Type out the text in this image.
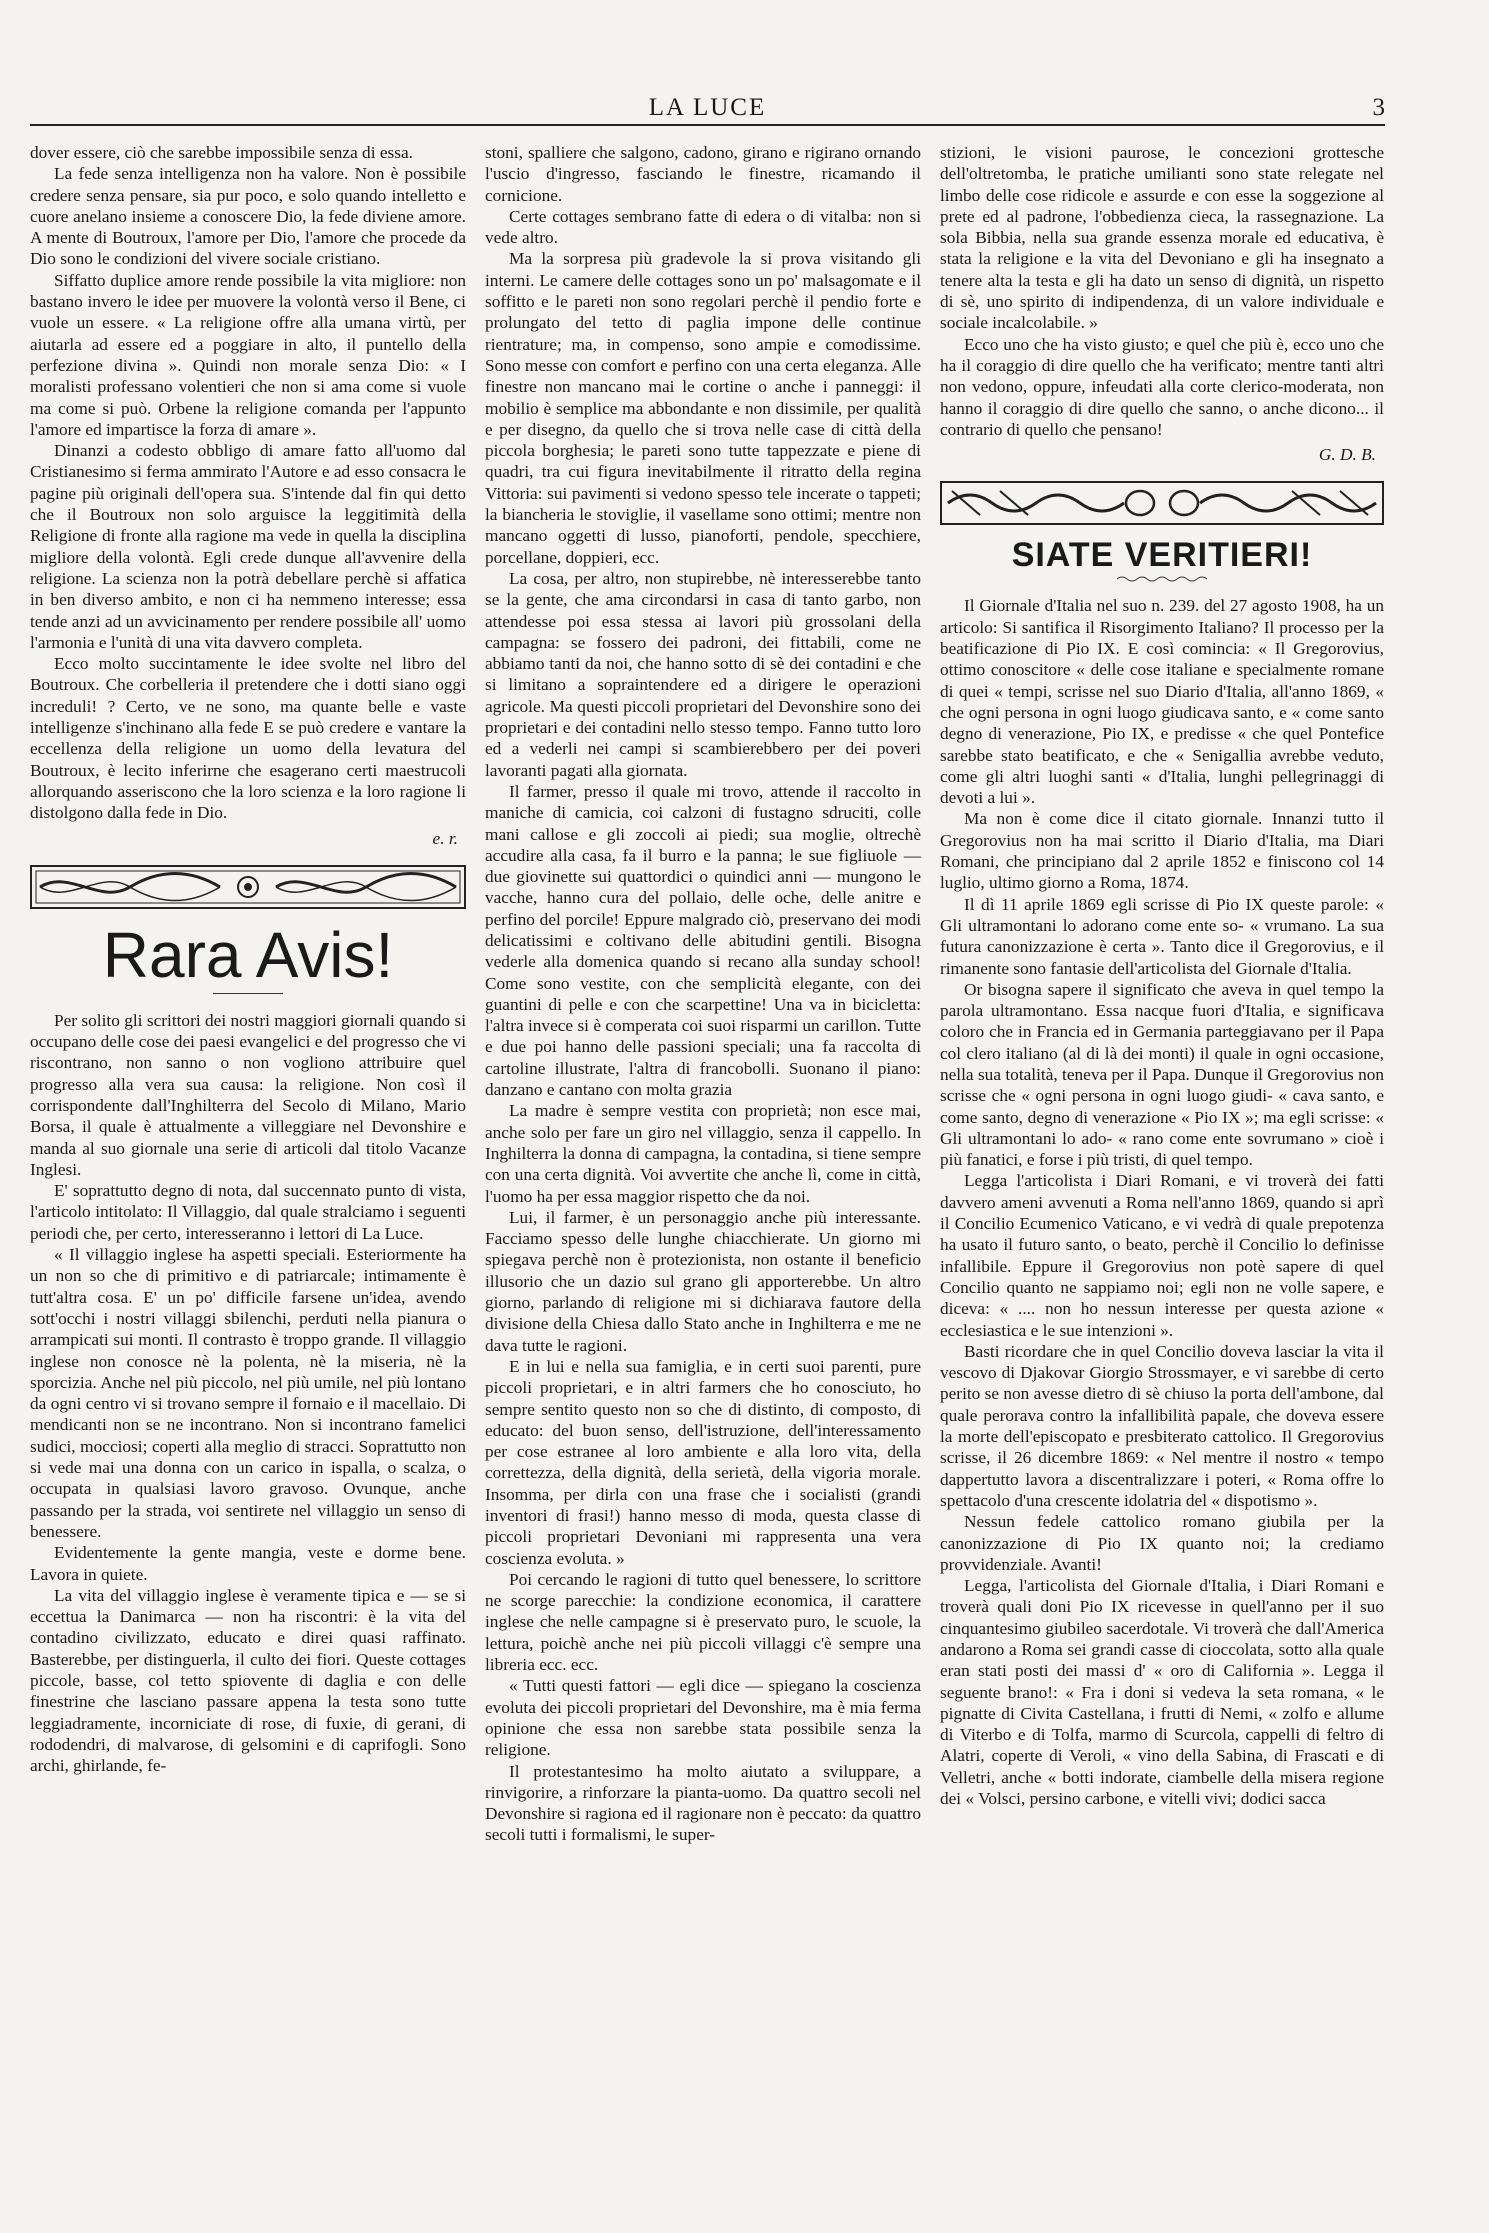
LA LUCE	3

dover essere, ciò che sarebbe impossibile senza di essa.

La fede senza intelligenza non ha valore. Non è possibile credere senza pensare, sia pur poco, e solo quando intelletto e cuore anelano insieme a conoscere Dio, la fede diviene amore. A mente di Boutroux, l'amore per Dio, l'amore che procede da Dio sono le condizioni del vivere sociale cristiano.

Siffatto duplice amore rende possibile la vita migliore: non bastano invero le idee per muovere la volontà verso il Bene, ci vuole un essere. « La religione offre alla umana virtù, per aiutarla ad essere ed a poggiare in alto, il puntello della perfezione divina ». Quindi non morale senza Dio: « I moralisti professano volentieri che non si ama come si vuole ma come si può. Orbene la religione comanda per l'appunto l'amore ed impartisce la forza di amare ».

Dinanzi a codesto obbligo di amare fatto all'uomo dal Cristianesimo si ferma ammirato l'Autore e ad esso consacra le pagine più originali dell'opera sua. S'intende dal fin qui detto che il Boutroux non solo arguisce la leggitimità della Religione di fronte alla ragione ma vede in quella la disciplina migliore della volontà. Egli crede dunque all'avvenire della religione. La scienza non la potrà debellare perchè si affatica in ben diverso ambito, e non ci ha nemmeno interesse; essa tende anzi ad un avvicinamento per rendere possibile all' uomo l'armonia e l'unità di una vita davvero completa.

Ecco molto succintamente le idee svolte nel libro del Boutroux. Che corbelleria il pretendere che i dotti siano oggi increduli! ? Certo, ve ne sono, ma quante belle e vaste intelligenze s'inchinano alla fede E se può credere e vantare la eccellenza della religione un uomo della levatura del Boutroux, è lecito inferirne che esagerano certi maestrucoli allorquando asseriscono che la loro scienza e la loro ragione li distolgono dalla fede in Dio.

e. r.
Rara Avis!

Per solito gli scrittori dei nostri maggiori giornali quando si occupano delle cose dei paesi evangelici e del progresso che vi riscontrano, non sanno o non vogliono attribuire quel progresso alla vera sua causa: la religione. Non così il corrispondente dall'Inghilterra del Secolo di Milano, Mario Borsa, il quale è attualmente a villeggiare nel Devonshire e manda al suo giornale una serie di articoli dal titolo Vacanze Inglesi.

E' soprattutto degno di nota, dal succennato punto di vista, l'articolo intitolato: Il Villaggio, dal quale stralciamo i seguenti periodi che, per certo, interesseranno i lettori di La Luce.

« Il villaggio inglese ha aspetti speciali. Esteriormente ha un non so che di primitivo e di patriarcale; intimamente è tutt'altra cosa. E' un po' difficile farsene un'idea, avendo sott'occhi i nostri villaggi sbilenchi, perduti nella pianura o arrampicati sui monti. Il contrasto è troppo grande. Il villaggio inglese non conosce nè la polenta, nè la miseria, nè la sporcizia. Anche nel più piccolo, nel più umile, nel più lontano da ogni centro vi si trovano sempre il fornaio e il macellaio. Di mendicanti non se ne incontrano. Non si incontrano famelici sudici, mocciosi; coperti alla meglio di stracci. Soprattutto non si vede mai una donna con un carico in ispalla, o scalza, o occupata in qualsiasi lavoro gravoso. Ovunque, anche passando per la strada, voi sentirete nel villaggio un senso di benessere.

Evidentemente la gente mangia, veste e dorme bene. Lavora in quiete.

La vita del villaggio inglese è veramente tipica e — se si eccettua la Danimarca — non ha riscontri: è la vita del contadino civilizzato, educato e direi quasi raffinato. Basterebbe, per distinguerla, il culto dei fiori. Queste cottages piccole, basse, col tetto spiovente di daglia e con delle finestrine che lasciano passare appena la testa sono tutte leggiadramente, incorniciate di rose, di fuxie, di gerani, di rododendri, di malvarose, di gelsomini e di caprifogli. Sono archi, ghirlande, fe-

stoni, spalliere che salgono, cadono, girano e rigirano ornando l'uscio d'ingresso, fasciando le finestre, ricamando il cornicione.

Certe cottages sembrano fatte di edera o di vitalba: non si vede altro.

Ma la sorpresa più gradevole la si prova visitando gli interni. Le camere delle cottages sono un po' malsagomate e il soffitto e le pareti non sono regolari perchè il pendio forte e prolungato del tetto di paglia impone delle continue rientrature; ma, in compenso, sono ampie e comodissime. Sono messe con comfort e perfino con una certa eleganza. Alle finestre non mancano mai le cortine o anche i panneggi: il mobilio è semplice ma abbondante e non dissimile, per qualità e per disegno, da quello che si trova nelle case di città della piccola borghesia; le pareti sono tutte tappezzate e piene di quadri, tra cui figura inevitabilmente il ritratto della regina Vittoria: sui pavimenti si vedono spesso tele incerate o tappeti; la biancheria le stoviglie, il vasellame sono ottimi; mentre non mancano oggetti di lusso, pianoforti, pendole, specchiere, porcellane, doppieri, ecc.

La cosa, per altro, non stupirebbe, nè interesserebbe tanto se la gente, che ama circondarsi in casa di tanto garbo, non attendesse poi essa stessa ai lavori più grossolani della campagna: se fossero dei padroni, dei fittabili, come ne abbiamo tanti da noi, che hanno sotto di sè dei contadini e che si limitano a sopraintendere ed a dirigere le operazioni agricole. Ma questi piccoli proprietari del Devonshire sono dei proprietari e dei contadini nello stesso tempo. Fanno tutto loro ed a vederli nei campi si scambierebbero per dei poveri lavoranti pagati alla giornata.

Il farmer, presso il quale mi trovo, attende il raccolto in maniche di camicia, coi calzoni di fustagno sdruciti, colle mani callose e gli zoccoli ai piedi; sua moglie, oltrechè accudire alla casa, fa il burro e la panna; le sue figliuole — due giovinette sui quattordici o quindici anni — mungono le vacche, hanno cura del pollaio, delle oche, delle anitre e perfino del porcile! Eppure malgrado ciò, preservano dei modi delicatissimi e coltivano delle abitudini gentili. Bisogna vederle alla domenica quando si recano alla sunday school! Come sono vestite, con che semplicità elegante, con dei guantini di pelle e con che scarpettine! Una va in bicicletta: l'altra invece si è comperata coi suoi risparmi un carillon. Tutte e due poi hanno delle passioni speciali; una fa raccolta di cartoline illustrate, l'altra di francobolli. Suonano il piano: danzano e cantano con molta grazia

La madre è sempre vestita con proprietà; non esce mai, anche solo per fare un giro nel villaggio, senza il cappello. In Inghilterra la donna di campagna, la contadina, si tiene sempre con una certa dignità. Voi avvertite che anche lì, come in città, l'uomo ha per essa maggior rispetto che da noi.

Lui, il farmer, è un personaggio anche più interessante. Facciamo spesso delle lunghe chiacchierate. Un giorno mi spiegava perchè non è protezionista, non ostante il beneficio illusorio che un dazio sul grano gli apporterebbe. Un altro giorno, parlando di religione mi si dichiarava fautore della divisione della Chiesa dallo Stato anche in Inghilterra e me ne dava tutte le ragioni.

E in lui e nella sua famiglia, e in certi suoi parenti, pure piccoli proprietari, e in altri farmers che ho conosciuto, ho sempre sentito questo non so che di distinto, di composto, di educato: del buon senso, dell'istruzione, dell'interessamento per cose estranee al loro ambiente e alla loro vita, della correttezza, della dignità, della serietà, della vigoria morale. Insomma, per dirla con una frase che i socialisti (grandi inventori di frasi!) hanno messo di moda, questa classe di piccoli proprietari Devoniani mi rappresenta una vera coscienza evoluta. »

Poi cercando le ragioni di tutto quel benessere, lo scrittore ne scorge parecchie: la condizione economica, il carattere inglese che nelle campagne si è preservato puro, le scuole, la lettura, poichè anche nei più piccoli villaggi c'è sempre una libreria ecc. ecc.

« Tutti questi fattori — egli dice — spiegano la coscienza evoluta dei piccoli proprietari del Devonshire, ma è mia ferma opinione che essa non sarebbe stata possibile senza la religione.

Il protestantesimo ha molto aiutato a sviluppare, a rinvigorire, a rinforzare la pianta-uomo. Da quattro secoli nel Devonshire si ragiona ed il ragionare non è peccato: da quattro secoli tutti i formalismi, le super-

stizioni, le visioni paurose, le concezioni grottesche dell'oltretomba, le pratiche umilianti sono state relegate nel limbo delle cose ridicole e assurde e con esse la soggezione al prete ed al padrone, l'obbedienza cieca, la rassegnazione. La sola Bibbia, nella sua grande essenza morale ed educativa, è stata la religione e la vita del Devoniano e gli ha insegnato a tenere alta la testa e gli ha dato un senso di dignità, un rispetto di sè, uno spirito di indipendenza, di un valore individuale e sociale incalcolabile. »

Ecco uno che ha visto giusto; e quel che più è, ecco uno che ha il coraggio di dire quello che ha verificato; mentre tanti altri non vedono, oppure, infeudati alla corte clerico-moderata, non hanno il coraggio di dire quello che sanno, o anche dicono... il contrario di quello che pensano!

G. D. B.
SIATE VERITIERI!

Il Giornale d'Italia nel suo n. 239. del 27 agosto 1908, ha un articolo: Si santifica il Risorgimento Italiano? Il processo per la beatificazione di Pio IX. E così comincia: « Il Gregorovius, ottimo conoscitore « delle cose italiane e specialmente romane di quei « tempi, scrisse nel suo Diario d'Italia, all'anno 1869, « che ogni persona in ogni luogo giudicava santo, e « come santo degno di venerazione, Pio IX, e predisse « che quel Pontefice sarebbe stato beatificato, e che « Senigallia avrebbe veduto, come gli altri luoghi santi « d'Italia, lunghi pellegrinaggi di devoti a lui ».

Ma non è come dice il citato giornale. Innanzi tutto il Gregorovius non ha mai scritto il Diario d'Italia, ma Diari Romani, che principiano dal 2 aprile 1852 e finiscono col 14 luglio, ultimo giorno a Roma, 1874.

Il dì 11 aprile 1869 egli scrisse di Pio IX queste parole: « Gli ultramontani lo adorano come ente so- « vrumano. La sua futura canonizzazione è certa ». Tanto dice il Gregorovius, e il rimanente sono fantasie dell'articolista del Giornale d'Italia.

Or bisogna sapere il significato che aveva in quel tempo la parola ultramontano. Essa nacque fuori d'Italia, e significava coloro che in Francia ed in Germania parteggiavano per il Papa col clero italiano (al di là dei monti) il quale in ogni occasione, nella sua totalità, teneva per il Papa. Dunque il Gregorovius non scrisse che « ogni persona in ogni luogo giudi- « cava santo, e come santo, degno di venerazione « Pio IX »; ma egli scrisse: « Gli ultramontani lo ado- « rano come ente sovrumano » cioè i più fanatici, e forse i più tristi, di quel tempo.

Legga l'articolista i Diari Romani, e vi troverà dei fatti davvero ameni avvenuti a Roma nell'anno 1869, quando si aprì il Concilio Ecumenico Vaticano, e vi vedrà di quale prepotenza ha usato il futuro santo, o beato, perchè il Concilio lo definisse infallibile. Eppure il Gregorovius non potè sapere di quel Concilio quanto ne sappiamo noi; egli non ne volle sapere, e diceva: « .... non ho nessun interesse per questa azione « ecclesiastica e le sue intenzioni ».

Basti ricordare che in quel Concilio doveva lasciar la vita il vescovo di Djakovar Giorgio Strossmayer, e vi sarebbe di certo perito se non avesse dietro di sè chiuso la porta dell'ambone, dal quale perorava contro la infallibilità papale, che doveva essere la morte dell'episcopato e presbiterato cattolico. Il Gregorovius scrisse, il 26 dicembre 1869: « Nel mentre il nostro « tempo dappertutto lavora a discentralizzare i poteri, « Roma offre lo spettacolo d'una crescente idolatria del « dispotismo ».

Nessun fedele cattolico romano giubila per la canonizzazione di Pio IX quanto noi; la crediamo provvidenziale. Avanti!

Legga, l'articolista del Giornale d'Italia, i Diari Romani e troverà quali doni Pio IX ricevesse in quell'anno per il suo cinquantesimo giubileo sacerdotale. Vi troverà che dall'America andarono a Roma sei grandi casse di cioccolata, sotto alla quale eran stati posti dei massi d' « oro di California ». Legga il seguente brano!: « Fra i doni si vedeva la seta romana, « le pignatte di Civita Castellana, i frutti di Nemi, « zolfo e allume di Viterbo e di Tolfa, marmo di Scurcola, cappelli di feltro di Alatri, coperte di Veroli, « vino della Sabina, di Frascati e di Velletri, anche « botti indorate, ciambelle della misera regione dei « Volsci, persino carbone, e vitelli vivi; dodici sacca
